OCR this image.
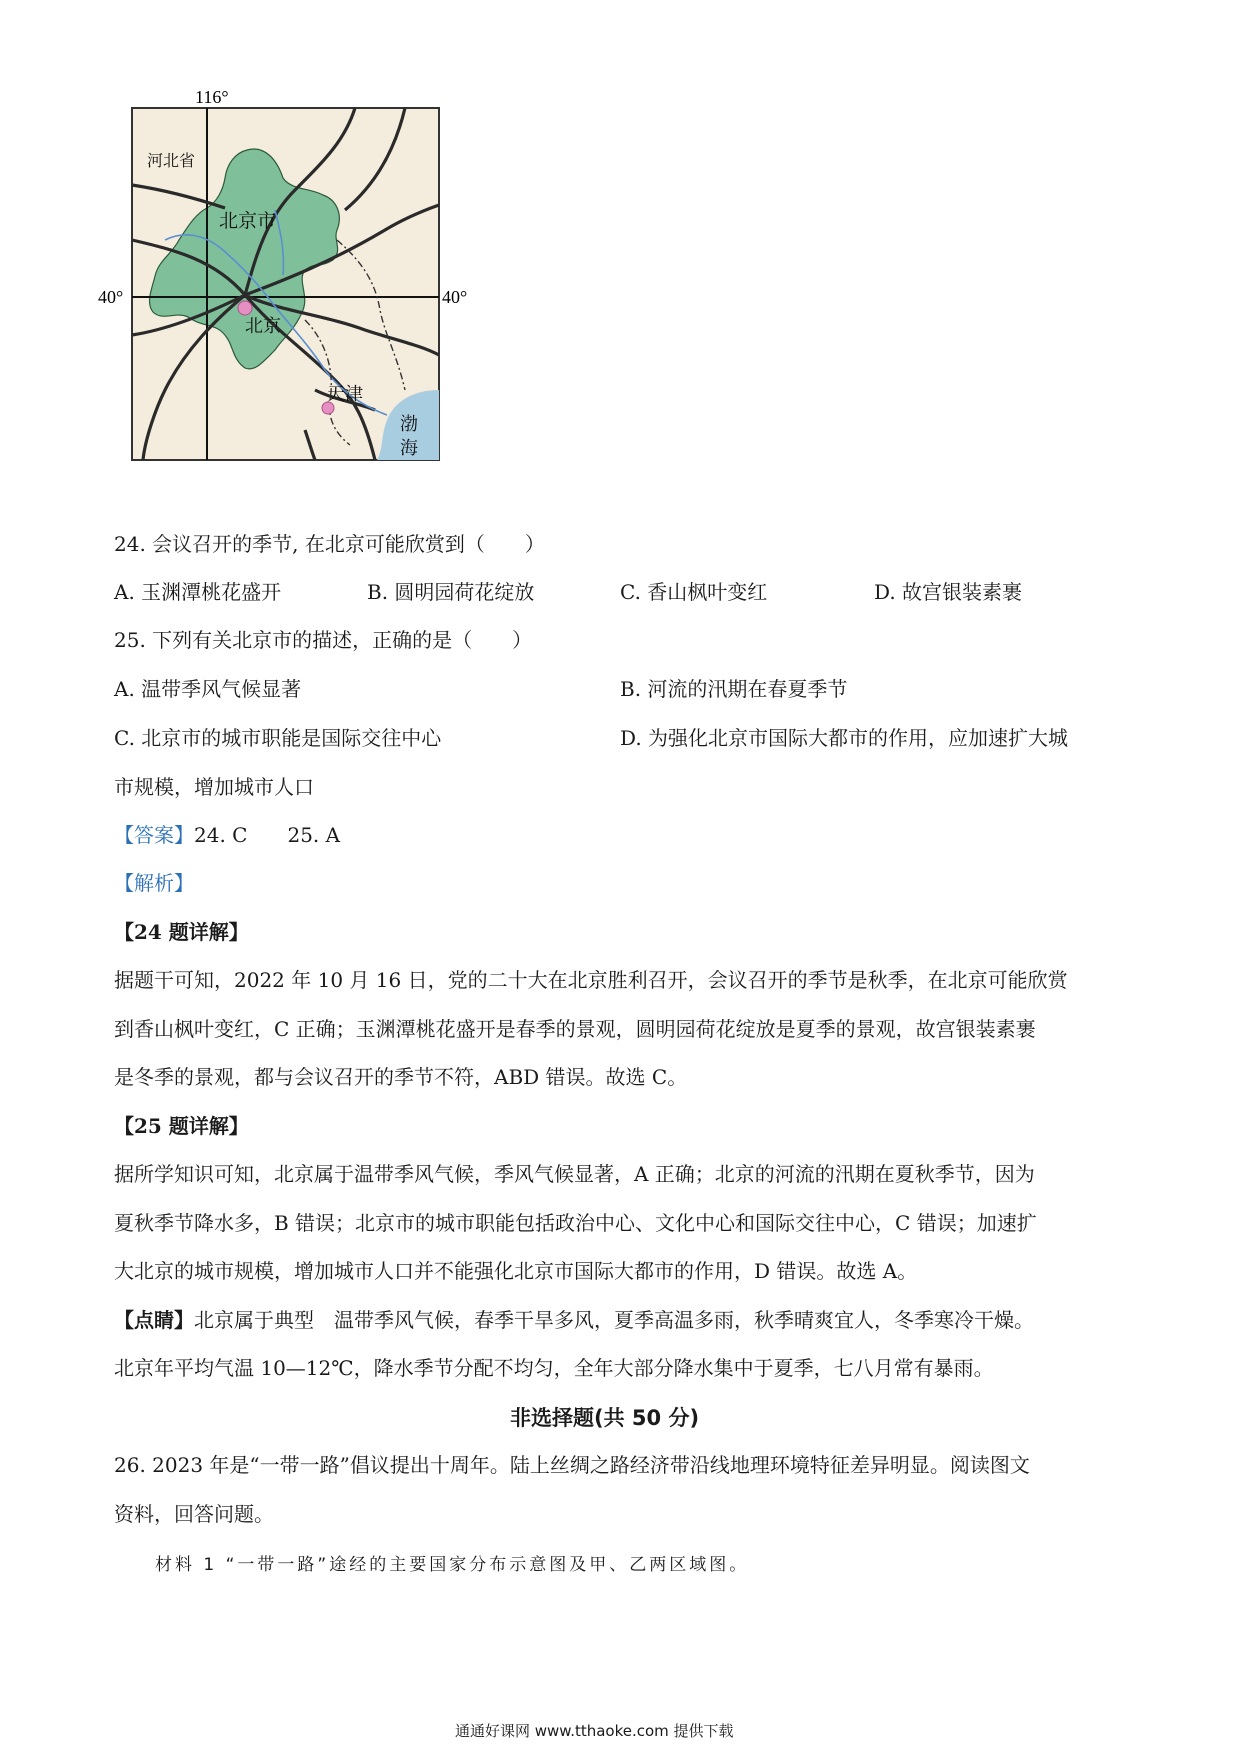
116°
40°	40°
河北省
北京市
北京
天津
渤
海
24. 会议召开的季节, 在北京可能欣赏到（　　）
A. 玉渊潭桃花盛开	B. 圆明园荷花绽放	C. 香山枫叶变红	D. 故宫银装素裹
25. 下列有关北京市的描述，正确的是（　　）
A. 温带季风气候显著	B. 河流的汛期在春夏季节
C. 北京市的城市职能是国际交往中心	D. 为强化北京市国际大都市的作用，应加速扩大城
市规模，增加城市人口
【答案】24. C　　25. A
【解析】
【24 题详解】
据题干可知，2022 年 10 月 16 日，党的二十大在北京胜利召开，会议召开的季节是秋季，在北京可能欣赏
到香山枫叶变红，C 正确；玉渊潭桃花盛开是春季的景观，圆明园荷花绽放是夏季的景观，故宫银装素裹
是冬季的景观，都与会议召开的季节不符，ABD 错误。故选 C。
【25 题详解】
据所学知识可知，北京属于温带季风气候，季风气候显著，A 正确；北京的河流的汛期在夏秋季节，因为
夏秋季节降水多，B 错误；北京市的城市职能包括政治中心、文化中心和国际交往中心，C 错误；加速扩
大北京的城市规模，增加城市人口并不能强化北京市国际大都市的作用，D 错误。故选 A。
【点睛】北京属于典型　温带季风气候，春季干旱多风，夏季高温多雨，秋季晴爽宜人，冬季寒冷干燥。
北京年平均气温 10—12℃，降水季节分配不均匀，全年大部分降水集中于夏季，七八月常有暴雨。
非选择题(共 50 分)
26. 2023 年是“一带一路”倡议提出十周年。陆上丝绸之路经济带沿线地理环境特征差异明显。阅读图文
资料，回答问题。
材料 1 “一带一路”途经的主要国家分布示意图及甲、乙两区域图。
通通好课网 www.tthaoke.com 提供下载
